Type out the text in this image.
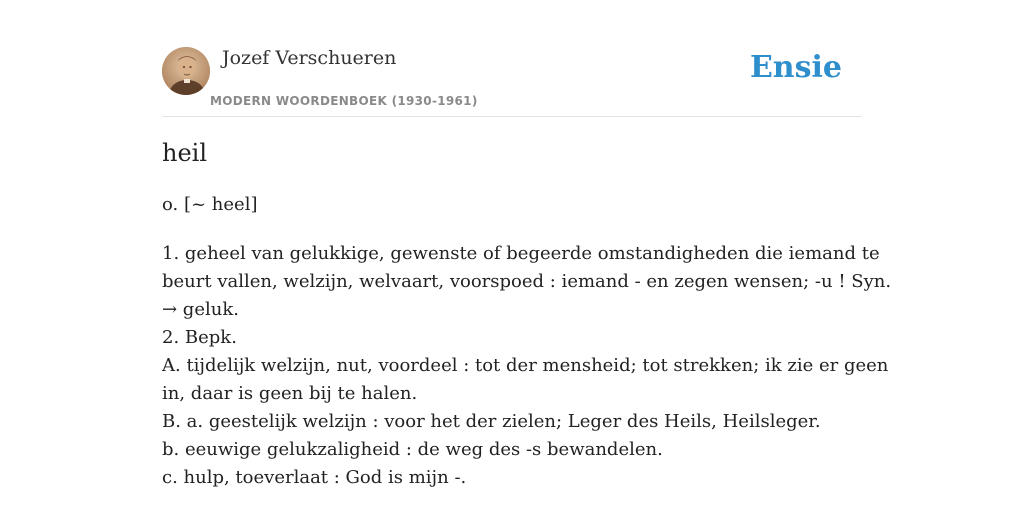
Jozef Verschueren
MODERN WOORDENBOEK (1930-1961)
Ensie
heil
o. [~ heel]
1. geheel van gelukkige, gewenste of begeerde omstandigheden die iemand te
beurt vallen, welzijn, welvaart, voorspoed : iemand - en zegen wensen; -u ! Syn.
→ geluk.
2. Bepk.
A. tijdelijk welzijn, nut, voordeel : tot der mensheid; tot strekken; ik zie er geen
in, daar is geen bij te halen.
B. a. geestelijk welzijn : voor het der zielen; Leger des Heils, Heilsleger.
b. eeuwige gelukzaligheid : de weg des -s bewandelen.
c. hulp, toeverlaat : God is mijn -.
